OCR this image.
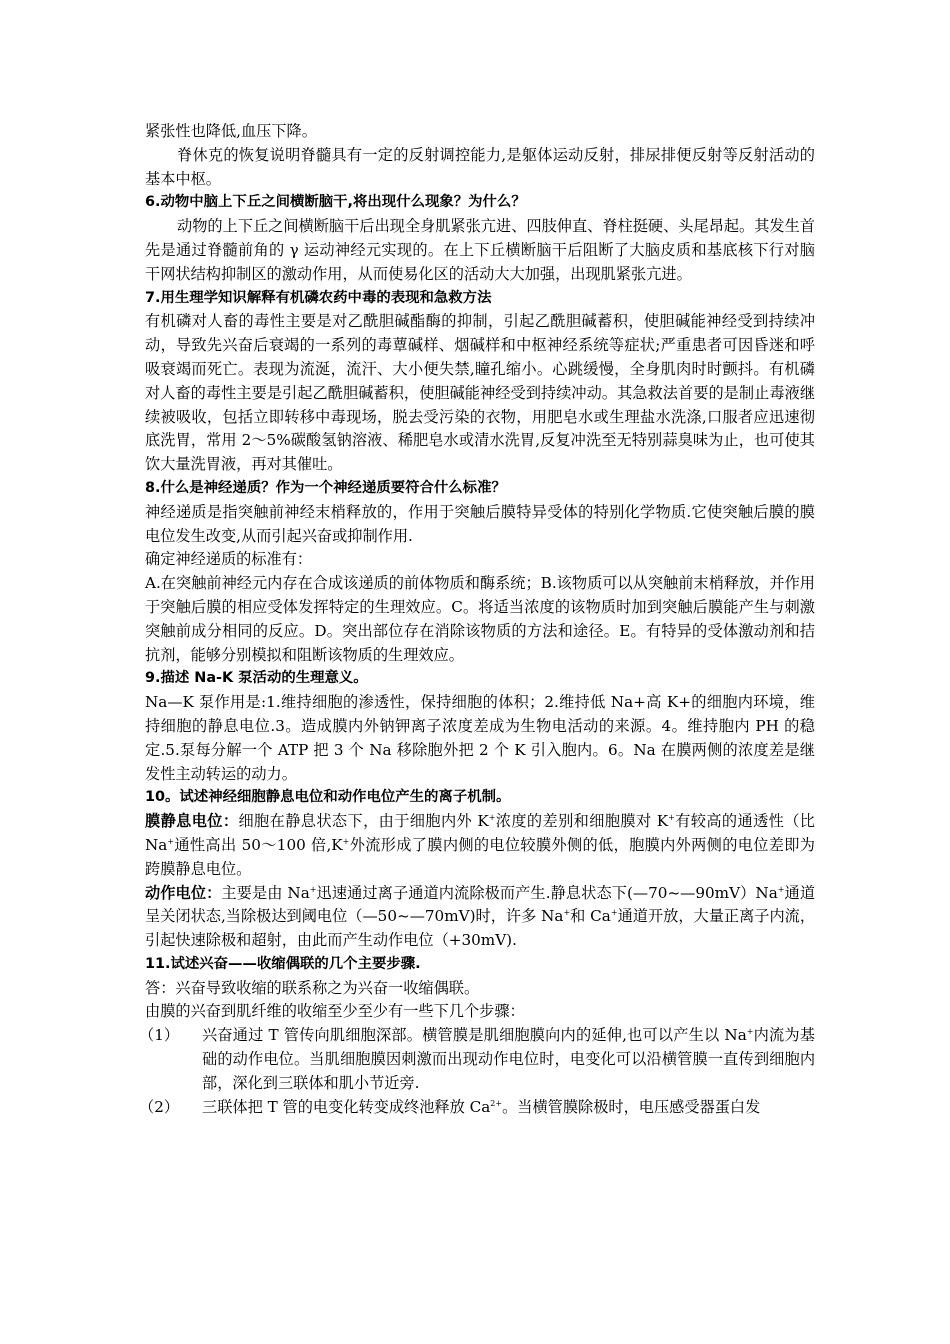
紧张性也降低,血压下降。

脊休克的恢复说明脊髓具有一定的反射调控能力,是躯体运动反射，排尿排便反射等反射活动的基本中枢。

6.动物中脑上下丘之间横断脑干,将出现什么现象？为什么？

动物的上下丘之间横断脑干后出现全身肌紧张亢进、四肢伸直、脊柱挺硬、头尾昂起。其发生首先是通过脊髓前角的 γ 运动神经元实现的。在上下丘横断脑干后阻断了大脑皮质和基底核下行对脑干网状结构抑制区的激动作用，从而使易化区的活动大大加强，出现肌紧张亢进。

7.用生理学知识解释有机磷农药中毒的表现和急救方法

有机磷对人畜的毒性主要是对乙酰胆碱酯酶的抑制，引起乙酰胆碱蓄积，使胆碱能神经受到持续冲动，导致先兴奋后衰竭的一系列的毒蕈碱样、烟碱样和中枢神经系统等症状;严重患者可因昏迷和呼吸衰竭而死亡。表现为流涎，流汗、大小便失禁,瞳孔缩小。心跳缓慢，全身肌肉时时颤抖。有机磷对人畜的毒性主要是引起乙酰胆碱蓄积，使胆碱能神经受到持续冲动。其急救法首要的是制止毒液继续被吸收，包括立即转移中毒现场，脱去受污染的衣物，用肥皂水或生理盐水洗涤,口服者应迅速彻底洗胃，常用 2～5%碳酸氢钠溶液、稀肥皂水或清水洗胃,反复冲洗至无特别蒜臭味为止，也可使其饮大量洗胃液，再对其催吐。

8.什么是神经递质？作为一个神经递质要符合什么标准？

神经递质是指突触前神经末梢释放的，作用于突触后膜特异受体的特别化学物质.它使突触后膜的膜电位发生改变,从而引起兴奋或抑制作用.

确定神经递质的标准有：

A.在突触前神经元内存在合成该递质的前体物质和酶系统；B.该物质可以从突触前末梢释放，并作用于突触后膜的相应受体发挥特定的生理效应。C。将适当浓度的该物质时加到突触后膜能产生与刺激突触前成分相同的反应。D。突出部位存在消除该物质的方法和途径。E。有特异的受体激动剂和拮抗剂，能够分别模拟和阻断该物质的生理效应。

9.描述 Na-K 泵活动的生理意义。

Na—K 泵作用是:1.维持细胞的渗透性，保持细胞的体积；2.维持低 Na+高 K+的细胞内环境，维持细胞的静息电位.3。造成膜内外钠钾离子浓度差成为生物电活动的来源。4。维持胞内 PH 的稳定.5.泵每分解一个 ATP 把 3 个 Na 移除胞外把 2 个 K 引入胞内。6。Na 在膜两侧的浓度差是继发性主动转运的动力。

10。试述神经细胞静息电位和动作电位产生的离子机制。

膜静息电位：细胞在静息状态下，由于细胞内外 K+浓度的差别和细胞膜对 K+有较高的通透性（比 Na+通性高出 50～100 倍,K+外流形成了膜内侧的电位较膜外侧的低，胞膜内外两侧的电位差即为跨膜静息电位。

动作电位：主要是由 Na+迅速通过离子通道内流除极而产生.静息状态下(—70~—90mV）Na+通道呈关闭状态,当除极达到阈电位（—50~—70mV)时，许多 Na+和 Ca+通道开放，大量正离子内流，引起快速除极和超射，由此而产生动作电位（+30mV).

11.试述兴奋——收缩偶联的几个主要步骤.

答：兴奋导致收缩的联系称之为兴奋一收缩偶联。

由膜的兴奋到肌纤维的收缩至少至少有一些下几个步骤：

（1） 兴奋通过 T 管传向肌细胞深部。横管膜是肌细胞膜向内的延伸,也可以产生以 Na+内流为基础的动作电位。当肌细胞膜因刺激而出现动作电位时，电变化可以沿横管膜一直传到细胞内部，深化到三联体和肌小节近旁.

（2） 三联体把 T 管的电变化转变成终池释放 $Ca^{2+}$。当横管膜除极时，电压感受器蛋白发
